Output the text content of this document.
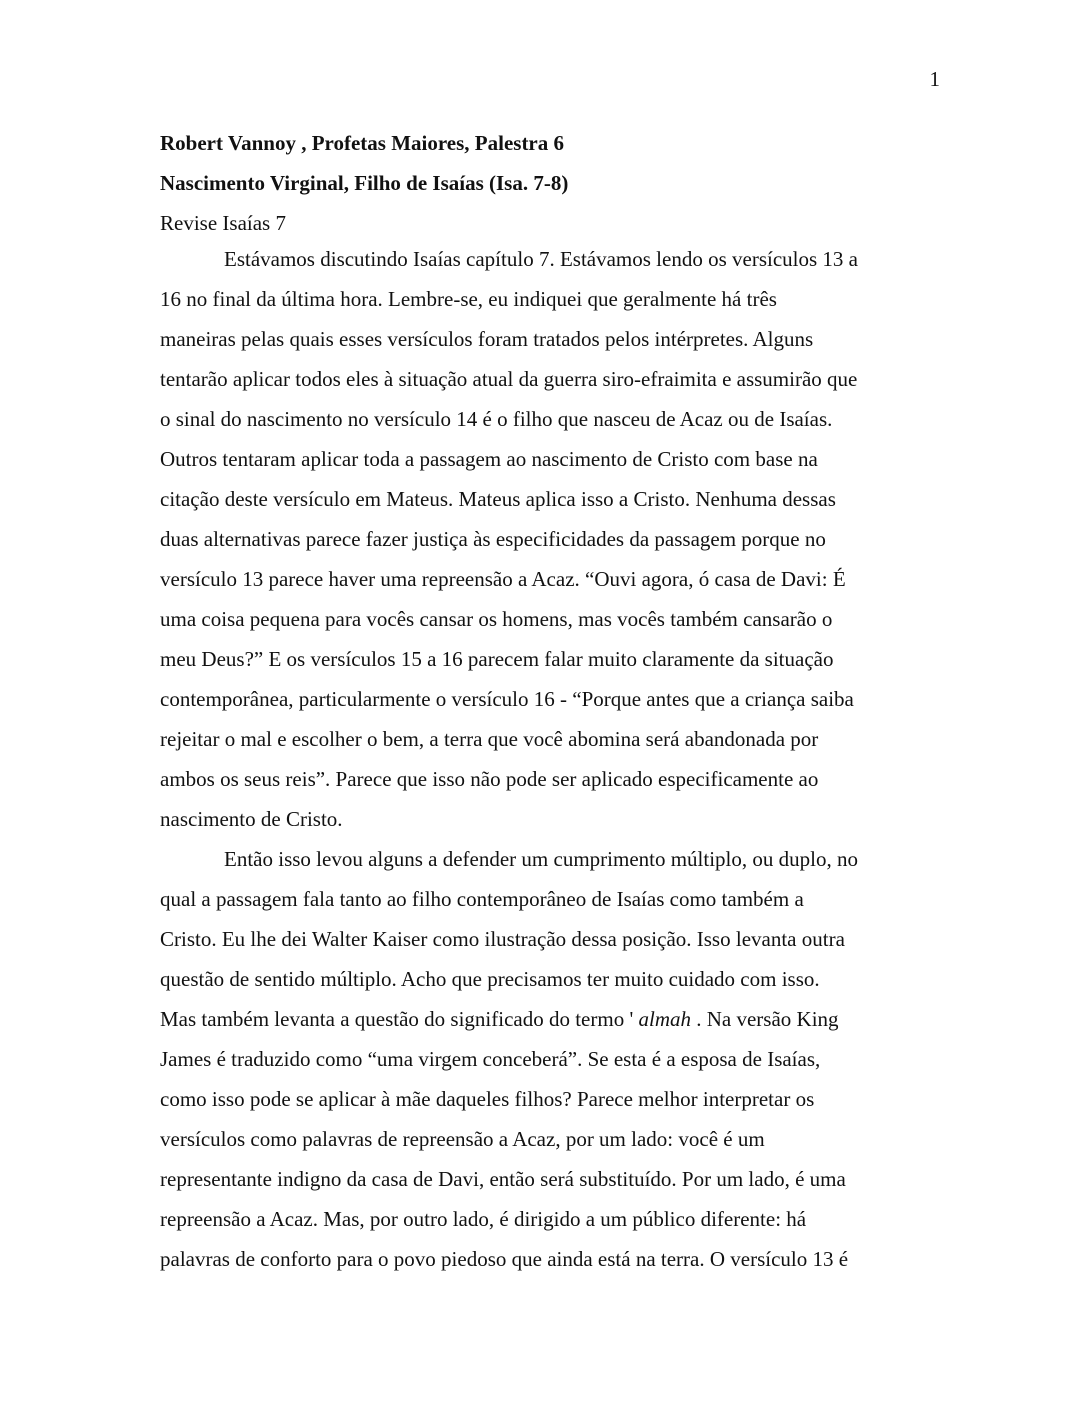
1
Robert Vannoy , Profetas Maiores, Palestra 6
Nascimento Virginal, Filho de Isaías (Isa. 7-8)
Revise Isaías 7
Estávamos discutindo Isaías capítulo 7. Estávamos lendo os versículos 13 a
16 no final da última hora. Lembre-se, eu indiquei que geralmente há três
maneiras pelas quais esses versículos foram tratados pelos intérpretes. Alguns
tentarão aplicar todos eles à situação atual da guerra siro-efraimita e assumirão que
o sinal do nascimento no versículo 14 é o filho que nasceu de Acaz ou de Isaías.
Outros tentaram aplicar toda a passagem ao nascimento de Cristo com base na
citação deste versículo em Mateus. Mateus aplica isso a Cristo. Nenhuma dessas
duas alternativas parece fazer justiça às especificidades da passagem porque no
versículo 13 parece haver uma repreensão a Acaz. “Ouvi agora, ó casa de Davi: É
uma coisa pequena para vocês cansar os homens, mas vocês também cansarão o
meu Deus?” E os versículos 15 a 16 parecem falar muito claramente da situação
contemporânea, particularmente o versículo 16 - “Porque antes que a criança saiba
rejeitar o mal e escolher o bem, a terra que você abomina será abandonada por
ambos os seus reis”. Parece que isso não pode ser aplicado especificamente ao
nascimento de Cristo.
Então isso levou alguns a defender um cumprimento múltiplo, ou duplo, no
qual a passagem fala tanto ao filho contemporâneo de Isaías como também a
Cristo. Eu lhe dei Walter Kaiser como ilustração dessa posição. Isso levanta outra
questão de sentido múltiplo. Acho que precisamos ter muito cuidado com isso.
Mas também levanta a questão do significado do termo ' almah . Na versão King
James é traduzido como “uma virgem conceberá”. Se esta é a esposa de Isaías,
como isso pode se aplicar à mãe daqueles filhos? Parece melhor interpretar os
versículos como palavras de repreensão a Acaz, por um lado: você é um
representante indigno da casa de Davi, então será substituído. Por um lado, é uma
repreensão a Acaz. Mas, por outro lado, é dirigido a um público diferente: há
palavras de conforto para o povo piedoso que ainda está na terra. O versículo 13 é
